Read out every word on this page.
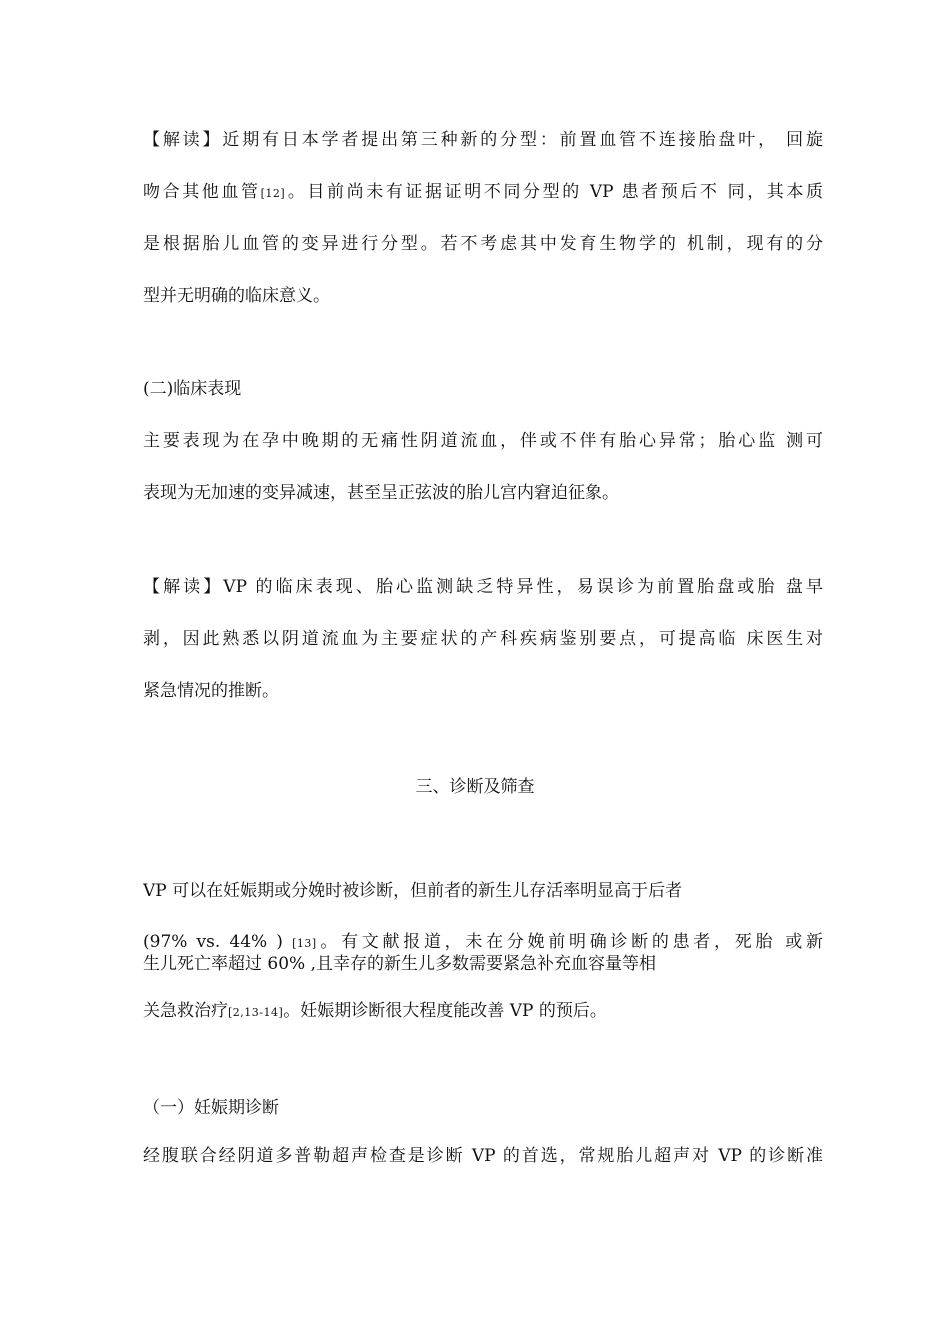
【解读】近期有日本学者提出第三种新的分型：前置血管不连接胎盘叶， 回旋
吻合其他血管[12]。目前尚未有证据证明不同分型的 VP 患者预后不 同，其本质
是根据胎儿血管的变异进行分型。若不考虑其中发育生物学的 机制，现有的分
型并无明确的临床意义。
(二)临床表现
主要表现为在孕中晚期的无痛性阴道流血，伴或不伴有胎心异常；胎心监 测可
表现为无加速的变异减速，甚至呈正弦波的胎儿宫内窘迫征象。
【解读】VP 的临床表现、胎心监测缺乏特异性，易误诊为前置胎盘或胎 盘早
剥，因此熟悉以阴道流血为主要症状的产科疾病鉴别要点，可提高临 床医生对
紧急情况的推断。
三、诊断及筛查
VP 可以在妊娠期或分娩时被诊断，但前者的新生儿存活率明显高于后者
(97% vs. 44% ) [13]。有文献报道，未在分娩前明确诊断的患者，死胎 或新
生儿死亡率超过 60% ,且幸存的新生儿多数需要紧急补充血容量等相
关急救治疗[2,13-14]。妊娠期诊断很大程度能改善 VP 的预后。
（一）妊娠期诊断
经腹联合经阴道多普勒超声检查是诊断 VP 的首选，常规胎儿超声对 VP 的诊断准
